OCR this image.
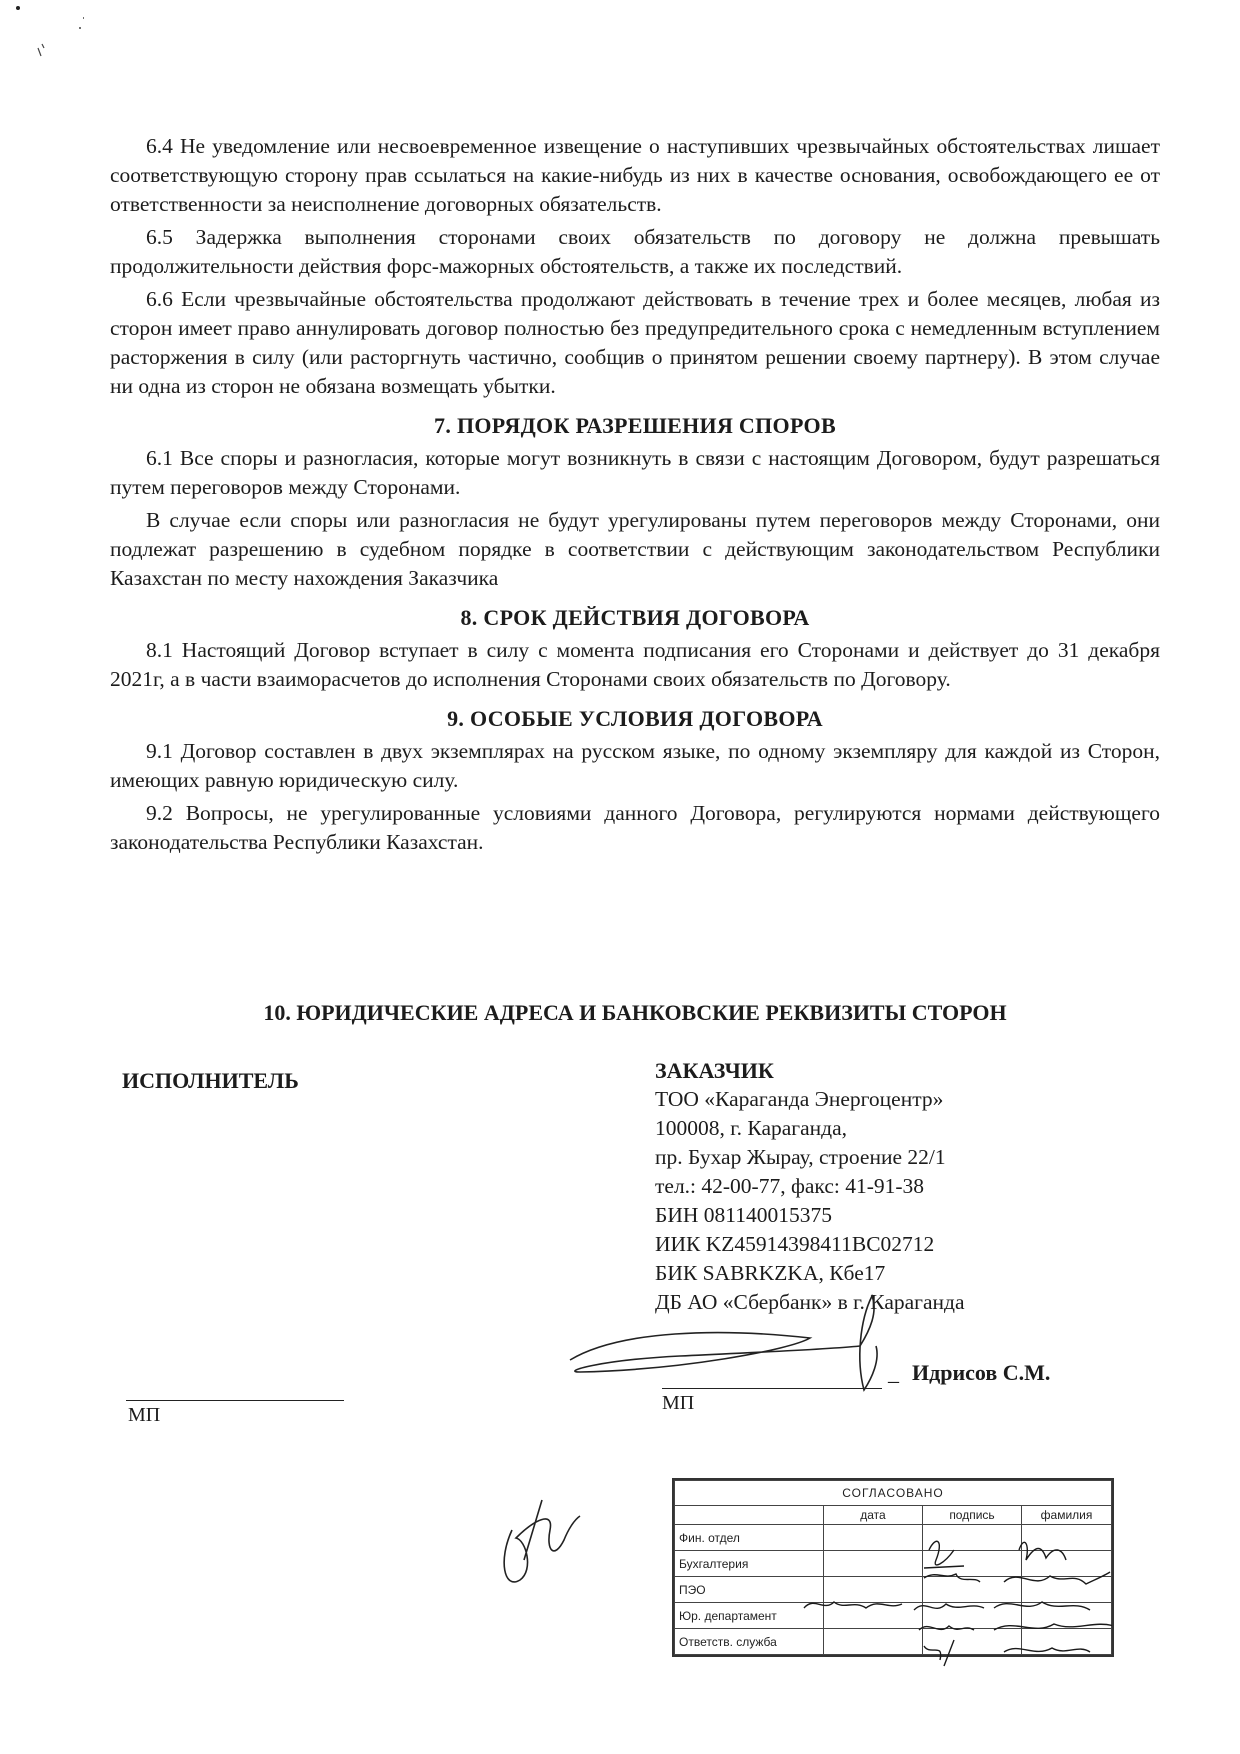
6.4 Не уведомление или несвоевременное извещение о наступивших чрезвычайных обстоятельствах лишает соответствующую сторону прав ссылаться на какие-нибудь из них в качестве основания, освобождающего ее от ответственности за неисполнение договорных обязательств.

6.5 Задержка выполнения сторонами своих обязательств по договору не должна превышать продолжительности действия форс-мажорных обстоятельств, а также их последствий.

6.6 Если чрезвычайные обстоятельства продолжают действовать в течение трех и более месяцев, любая из сторон имеет право аннулировать договор полностью без предупредительного срока с немедленным вступлением расторжения в силу (или расторгнуть частично, сообщив о принятом решении своему партнеру). В этом случае ни одна из сторон не обязана возмещать убытки.

7. ПОРЯДОК РАЗРЕШЕНИЯ СПОРОВ

6.1 Все споры и разногласия, которые могут возникнуть в связи с настоящим Договором, будут разрешаться путем переговоров между Сторонами.

В случае если споры или разногласия не будут урегулированы путем переговоров между Сторонами, они подлежат разрешению в судебном порядке в соответствии с действующим законодательством Республики Казахстан по месту нахождения Заказчика

8. СРОК ДЕЙСТВИЯ ДОГОВОРА

8.1 Настоящий Договор вступает в силу с момента подписания его Сторонами и действует до 31 декабря 2021г, а в части взаиморасчетов до исполнения Сторонами своих обязательств по Договору.

9. ОСОБЫЕ УСЛОВИЯ ДОГОВОРА

9.1 Договор составлен в двух экземплярах на русском языке, по одному экземпляру для каждой из Сторон, имеющих равную юридическую силу.

9.2 Вопросы, не урегулированные условиями данного Договора, регулируются нормами действующего законодательства Республики Казахстан.

10. ЮРИДИЧЕСКИЕ АДРЕСА И БАНКОВСКИЕ РЕКВИЗИТЫ СТОРОН
ИСПОЛНИТЕЛЬ	ЗАКАЗЧИК
ТОО «Караганда Энергоцентр»
100008, г. Караганда,
пр. Бухар Жырау, строение 22/1
тел.: 42-00-77, факс: 41-91-38
БИН 081140015375
ИИК KZ459143984​11BC02712
БИК SABRKZKA, Кбе17
ДБ АО «Сбербанк» в г. Караганда
МП
_ Идрисов С.М.
МП
СОГЛАСОВАНО			
	дата	подпись	фамилия
Фин. отдел			
Бухгалтерия			
ПЭО			
Юр. департамент			
Ответств. служба			
